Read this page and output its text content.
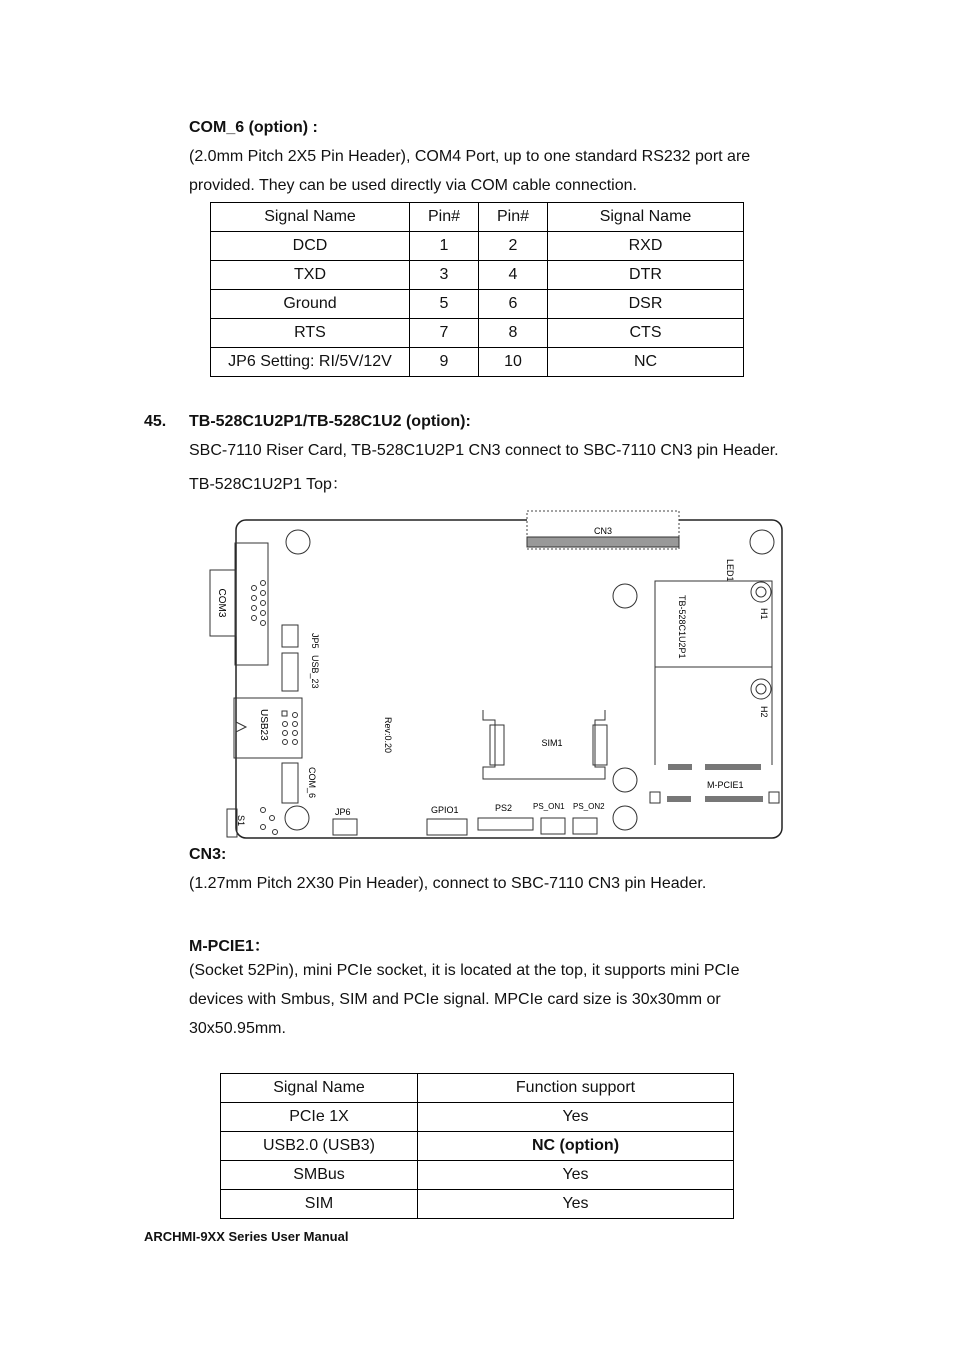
COM_6 (option) :
(2.0mm Pitch 2X5 Pin Header), COM4 Port, up to one standard RS232 port are
provided. They can be used directly via COM cable connection.
Signal Name	Pin#	Pin#	Signal Name
DCD	1	2	RXD
TXD	3	4	DTR
Ground	5	6	DSR
RTS	7	8	CTS
JP6 Setting: RI/5V/12V	9	10	NC
45. TB-528C1U2P1/TB-528C1U2 (option):
SBC-7110 Riser Card, TB-528C1U2P1 CN3 connect to SBC-7110 CN3 pin Header.
TB-528C1U2P1 Top：
CN3
COM3
JP5
USB_23
USB23
COM_6
Rev:0.20	SIM1
LED1
H1
H2
TB-528C1U2P1
M-PCIE1
JP6	GPIO1	PS2	PS_ON1 PS_ON2
S1
CN3:
(1.27mm Pitch 2X30 Pin Header), connect to SBC-7110 CN3 pin Header.
M-PCIE1：
(Socket 52Pin), mini PCIe socket, it is located at the top, it supports mini PCIe
devices with Smbus, SIM and PCIe signal. MPCIe card size is 30x30mm or
30x50.95mm.
Signal Name	Function support
PCIe 1X	Yes
USB2.0 (USB3)	NC (option)
SMBus	Yes
SIM	Yes
ARCHMI-9XX Series User Manual
